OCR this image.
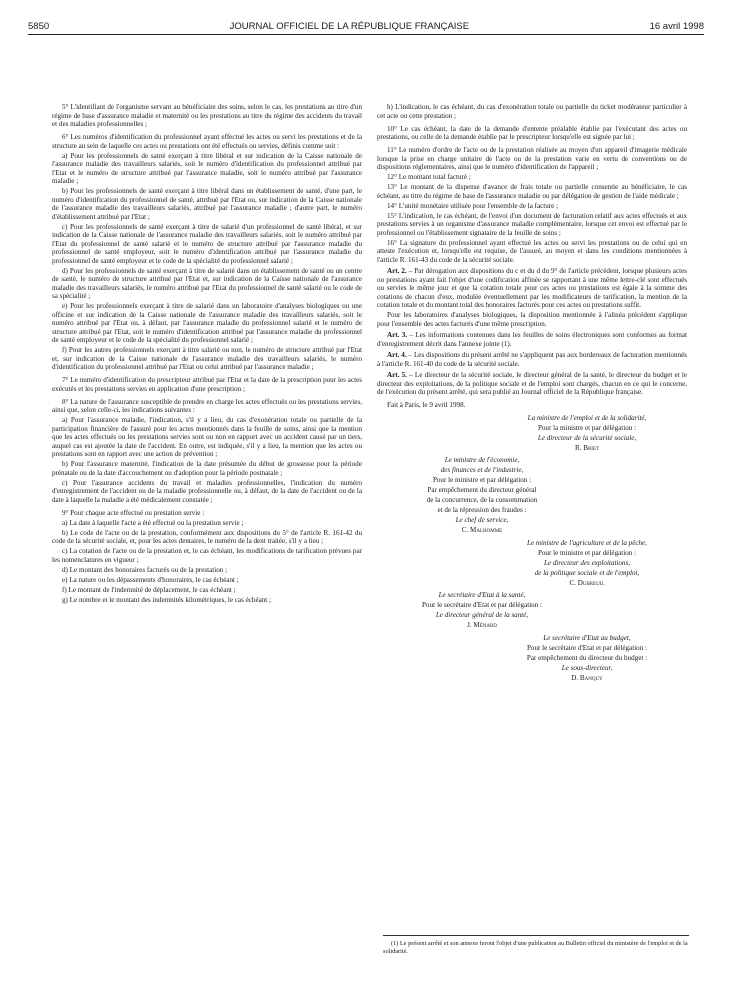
5850	JOURNAL OFFICIEL DE LA RÉPUBLIQUE FRANÇAISE	16 avril 1998

5° L'identifiant de l'organisme servant au bénéficiaire des soins, selon le cas, les prestations au titre d'un régime de base d'assurance maladie et maternité ou les prestations au titre du régime des accidents du travail et des maladies professionnelles ;

6° Les numéros d'identification du professionnel ayant effectué les actes ou servi les prestations et de la structure au sein de laquelle ces actes ou prestations ont été effectués ou servies, définis comme suit :

a) Pour les professionnels de santé exerçant à titre libéral et sur indication de la Caisse nationale de l'assurance maladie des travailleurs salariés, soit le numéro d'identification du professionnel attribué par l'Etat et le numéro de structure attribué par l'assurance maladie, soit le numéro attribué par l'assurance maladie ;

b) Pour les professionnels de santé exerçant à titre libéral dans un établissement de santé, d'une part, le numéro d'identification du professionnel de santé, attribué par l'Etat ou, sur indication de la Caisse nationale de l'assurance maladie des travailleurs salariés, attribué par l'assurance maladie ; d'autre part, le numéro d'établissement attribué par l'Etat ;

c) Pour les professionnels de santé exerçant à titre de salarié d'un professionnel de santé libéral, et sur indication de la Caisse nationale de l'assurance maladie des travailleurs salariés, soit le numéro attribué par l'Etat du professionnel de santé salarié et le numéro de structure attribué par l'assurance maladie du professionnel de santé employeur, soit le numéro d'identification attribué par l'assurance maladie du professionnel de santé employeur et le code de la spécialité du professionnel salarié ;

d) Pour les professionnels de santé exerçant à titre de salarié dans un établissement de santé ou un centre de santé, le numéro de structure attribué par l'Etat et, sur indication de la Caisse nationale de l'assurance maladie des travailleurs salariés, le numéro attribué par l'Etat du professionnel de santé salarié ou le code de sa spécialité ;

e) Pour les professionnels exerçant à titre de salarié dans un laboratoire d'analyses biologiques ou une officine et sur indication de la Caisse nationale de l'assurance maladie des travailleurs salariés, soit le numéro attribué par l'Etat ou, à défaut, par l'assurance maladie du professionnel salarié et le numéro de structure attribué par l'Etat, soit le numéro d'identification attribué par l'assurance maladie du professionnel de santé employeur et le code de la spécialité du professionnel salarié ;

f) Pour les autres professionnels exerçant à titre salarié ou non, le numéro de structure attribué par l'Etat et, sur indication de la Caisse nationale de l'assurance maladie des travailleurs salariés, le numéro d'identification du professionnel attribué par l'Etat ou celui attribué par l'assurance maladie ;

7° Le numéro d'identification du prescripteur attribué par l'Etat et la date de la prescription pour les actes exécutés et les prestations servies en application d'une prescription ;

8° La nature de l'assurance susceptible de prendre en charge les actes effectués ou les prestations servies, ainsi que, selon celle-ci, les indications suivantes :

a) Pour l'assurance maladie, l'indication, s'il y a lieu, du cas d'exonération totale ou partielle de la participation financière de l'assuré pour les actes mentionnés dans la feuille de soins, ainsi que la mention que les actes effectués ou les prestations servies sont ou non en rapport avec un accident causé par un tiers, auquel cas est ajoutée la date de l'accident. En outre, est indiquée, s'il y a lieu, la mention que les actes ou prestations sont en rapport avec une action de prévention ;

b) Pour l'assurance maternité, l'indication de la date présumée du début de grossesse pour la période prénatale ou de la date d'accouchement ou d'adoption pour la période postnatale ;

c) Pour l'assurance accidents du travail et maladies professionnelles, l'indication du numéro d'enregistrement de l'accident ou de la maladie professionnelle ou, à défaut, de la date de l'accident ou de la date à laquelle la maladie a été médicalement constatée ;

9° Pour chaque acte effectué ou prestation servie :

a) La date à laquelle l'acte a été effectué ou la prestation servie ;

b) Le code de l'acte ou de la prestation, conformément aux dispositions du 5° de l'article R. 161-42 du code de la sécurité sociale, et, pour les actes dentaires, le numéro de la dent traitée, s'il y a lieu ;

c) La cotation de l'acte ou de la prestation et, le cas échéant, les modifications de tarification prévues par les nomenclatures en vigueur ;

d) Le montant des honoraires facturés ou de la prestation ;

e) La nature ou les dépassements d'honoraires, le cas échéant ;

f) Le montant de l'indemnité de déplacement, le cas échéant ;

g) Le nombre et le montant des indemnités kilométriques, le cas échéant ;

h) L'indication, le cas échéant, du cas d'exonération totale ou partielle du ticket modérateur particulier à cet acte ou cette prestation ;

10° Le cas échéant, la date de la demande d'entente préalable établie par l'exécutant des actes ou prestations, ou celle de la demande établie par le prescripteur lorsqu'elle est signée par lui ;

11° Le numéro d'ordre de l'acte ou de la prestation réalisée au moyen d'un appareil d'imagerie médicale lorsque la prise en charge unitaire de l'acte ou de la prestation varie en vertu de conventions ou de dispositions réglementaires, ainsi que le numéro d'identification de l'appareil ;

12° Le montant total facturé ;

13° Le montant de la dispense d'avance de frais totale ou partielle consentie au bénéficiaire, le cas échéant, au titre du régime de base de l'assurance maladie ou par délégation de gestion de l'aide médicale ;

14° L'unité monétaire utilisée pour l'ensemble de la facture ;

15° L'indication, le cas échéant, de l'envoi d'un document de facturation relatif aux actes effectués et aux prestations servies à un organisme d'assurance maladie complémentaire, lorsque cet envoi est effectué par le professionnel ou l'établissement signataire de la feuille de soins ;

16° La signature du professionnel ayant effectué les actes ou servi les prestations ou de celui qui en atteste l'exécution et, lorsqu'elle est requise, de l'assuré, au moyen et dans les conditions mentionnées à l'article R. 161-43 du code de la sécurité sociale.

Art. 2. – Par dérogation aux dispositions du c et du d du 9° de l'article précédent, lorsque plusieurs actes ou prestations ayant fait l'objet d'une codification affinée se rapportant à une même lettre-clé sont effectués ou servies le même jour et que la cotation totale pour ces actes ou prestations est égale à la somme des cotations de chacun d'eux, modulée éventuellement par les modificateurs de tarification, la mention de la cotation totale et du montant total des honoraires facturés pour ces actes ou prestations suffit.

Pour les laboratoires d'analyses biologiques, la disposition mentionnée à l'alinéa précédent s'applique pour l'ensemble des actes facturés d'une même prescription.

Art. 3. – Les informations contenues dans les feuilles de soins électroniques sont conformes au format d'enregistrement décrit dans l'annexe jointe (1).

Art. 4. – Les dispositions du présent arrêté ne s'appliquent pas aux bordereaux de facturation mentionnés à l'article R. 161-40 du code de la sécurité sociale.

Art. 5. – Le directeur de la sécurité sociale, le directeur général de la santé, le directeur du budget et le directeur des exploitations, de la politique sociale et de l'emploi sont chargés, chacun en ce qui le concerne, de l'exécution du présent arrêté, qui sera publié au Journal officiel de la République française.

Fait à Paris, le 9 avril 1998.

La ministre de l'emploi et de la solidarité,

Pour la ministre et par délégation :

Le directeur de la sécurité sociale,

R. Briet

Le ministre de l'économie,

des finances et de l'industrie,

Pour le ministre et par délégation :

Par empêchement du directeur général

de la concurrence, de la consommation

et de la répression des fraudes :

Le chef de service,

C. Malhomme

Le ministre de l'agriculture et de la pêche,

Pour le ministre et par délégation :

Le directeur des exploitations,

de la politique sociale et de l'emploi,

C. Dubreuil

Le secrétaire d'Etat à la santé,

Pour le secrétaire d'Etat et par délégation :

Le directeur général de la santé,

J. Ménard

Le secrétaire d'Etat au budget,

Pour le secrétaire d'Etat et par délégation :

Par empêchement du directeur du budget :

Le sous-directeur,

D. Banquy

(1) Le présent arrêté et son annexe feront l'objet d'une publication au Bulletin officiel du ministère de l'emploi et de la solidarité.
